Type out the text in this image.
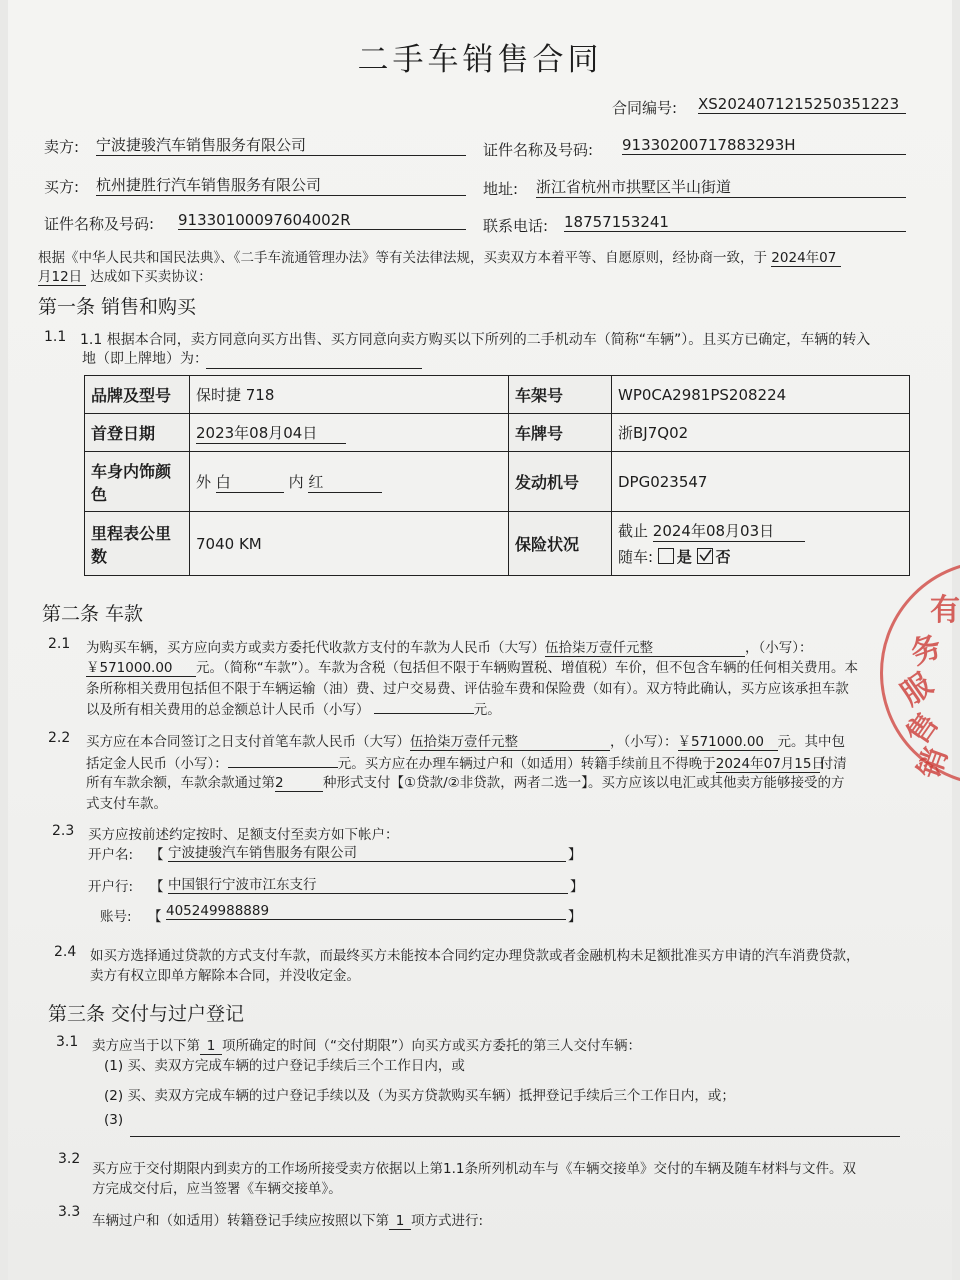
二手车销售合同
合同编号: XS2024071215250351223
卖方: 宁波捷骏汽车销售服务有限公司	证件名称及号码: 91330200717883293H
买方: 杭州捷胜行汽车销售服务有限公司	地址: 浙江省杭州市拱墅区半山街道
证件名称及号码: 91330100097604002R	联系电话: 18757153241
根据《中华人民共和国民法典》、《二手车流通管理办法》等有关法律法规，买卖双方本着平等、自愿原则，经协商一致，于 2024年07
月12日 达成如下买卖协议：
第一条 销售和购买
1.1 1.1 根据本合同，卖方同意向买方出售、买方同意向卖方购买以下所列的二手机动车（简称“车辆”）。且买方已确定，车辆的转入
地（即上牌地）为：
品牌及型号	保时捷 718	车架号	WP0CA2981PS208224
首登日期	2023年08月04日	车牌号	浙BJ7Q02
车身内饰颜色	外 白 内 红	发动机号	DPG023547
里程表公里数	7040 KM	保险状况	截止 2024年08月03日
随车: 是 否
第二条 车款
2.1 为购买车辆，买方应向卖方或卖方委托代收款方支付的车款为人民币（大写）伍拾柒万壹仟元整	，（小写）：
￥571000.00 元。（简称“车款”）。车款为含税（包括但不限于车辆购置税、增值税）车价，但不包含车辆的任何相关费用。本
条所称相关费用包括但不限于车辆运输（油）费、过户交易费、评估验车费和保险费（如有）。双方特此确认，买方应该承担车款
以及所有相关费用的总金额总计人民币（小写）	元。
2.2 买方应在本合同签订之日支付首笔车款人民币（大写）伍拾柒万壹仟元整	，（小写）：￥571000.00 元。其中包
括定金人民币（小写）：	元。买方应在办理车辆过户和（如适用）转籍手续前且不得晚于2024年07月15日付清
所有车款余额，车款余款通过第2	种形式支付【①贷款/②非贷款，两者二选一】。买方应该以电汇或其他卖方能够接受的方
式支付车款。
2.3 买方应按前述约定按时、足额支付至卖方如下帐户：
开户名: 【 宁波捷骏汽车销售服务有限公司	】
开户行: 【 中国银行宁波市江东支行	】
账号: 【 405249988889	】
2.4 如买方选择通过贷款的方式支付车款，而最终买方未能按本合同约定办理贷款或者金融机构未足额批准买方申请的汽车消费贷款，
卖方有权立即单方解除本合同，并没收定金。
第三条 交付与过户登记
3.1 卖方应当于以下第 1 项所确定的时间（“交付期限”）向买方或买方委托的第三人交付车辆：
(1) 买、卖双方完成车辆的过户登记手续后三个工作日内，或
(2) 买、卖双方完成车辆的过户登记手续以及（为买方贷款购买车辆）抵押登记手续后三个工作日内，或；
(3)
3.2
买方应于交付期限内到卖方的工作场所接受卖方依据以上第1.1条所列机动车与《车辆交接单》交付的车辆及随车材料与文件。双
方完成交付后，应当签署《车辆交接单》。
3.3
车辆过户和（如适用）转籍登记手续应按照以下第 1 项方式进行:
有
务
服
售
销
